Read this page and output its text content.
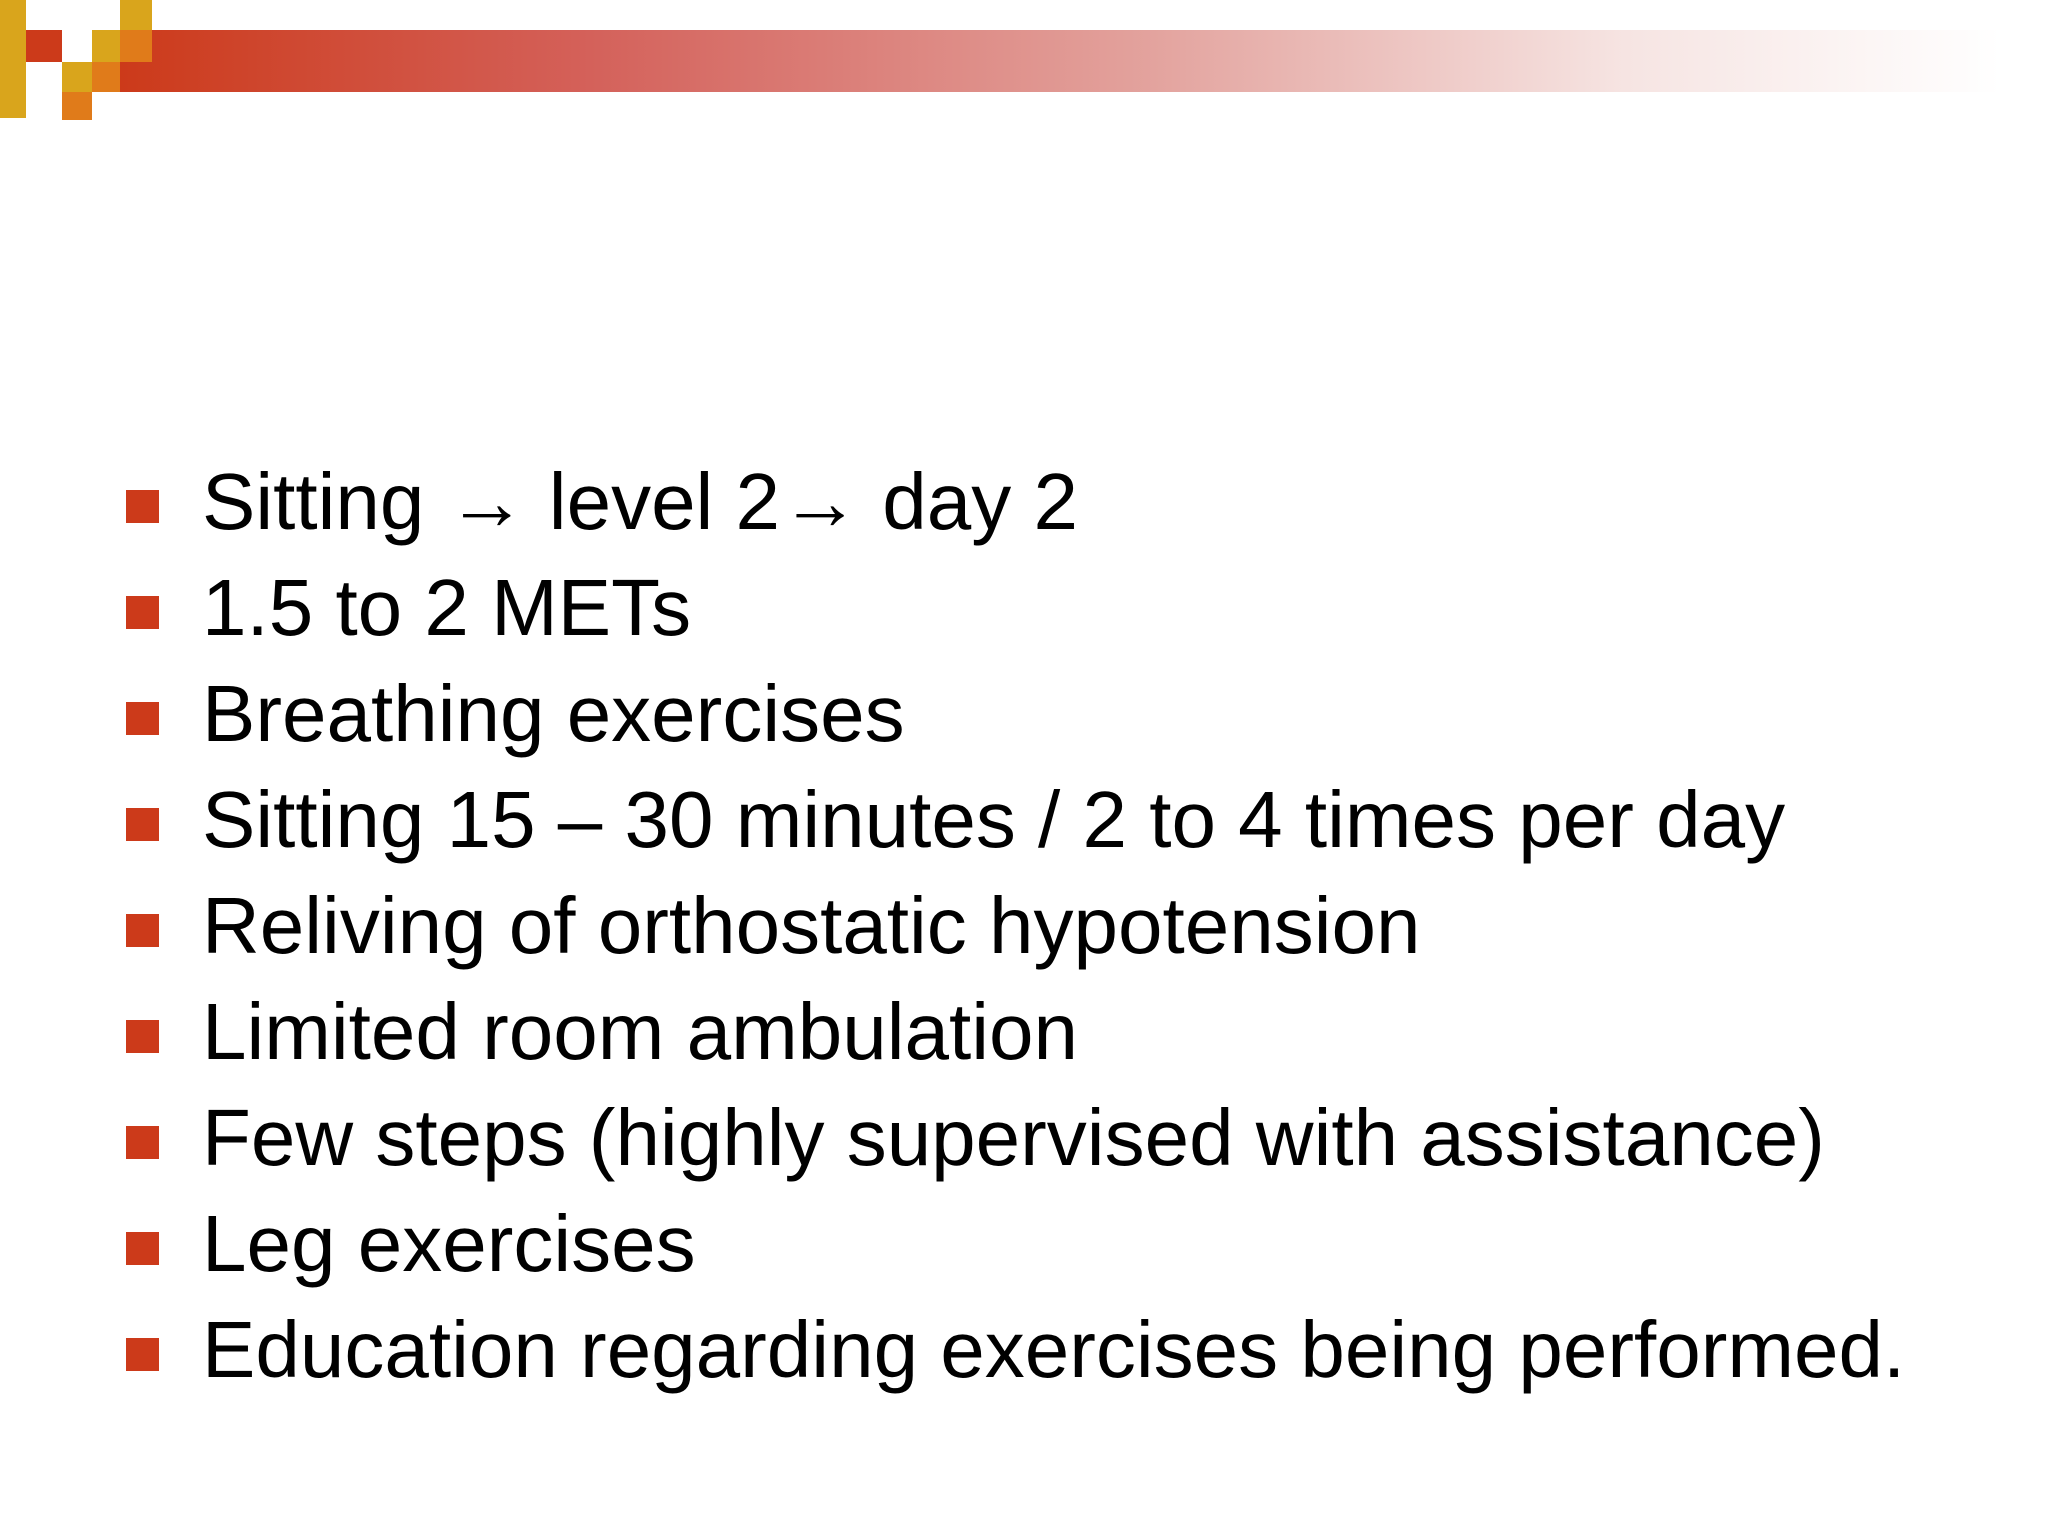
Sitting → level 2→ day 2
1.5 to 2 METs
Breathing exercises
Sitting 15 – 30 minutes / 2 to 4 times per day
Reliving of orthostatic hypotension
Limited room ambulation
Few steps (highly supervised with assistance)
Leg exercises
Education regarding exercises being performed.
